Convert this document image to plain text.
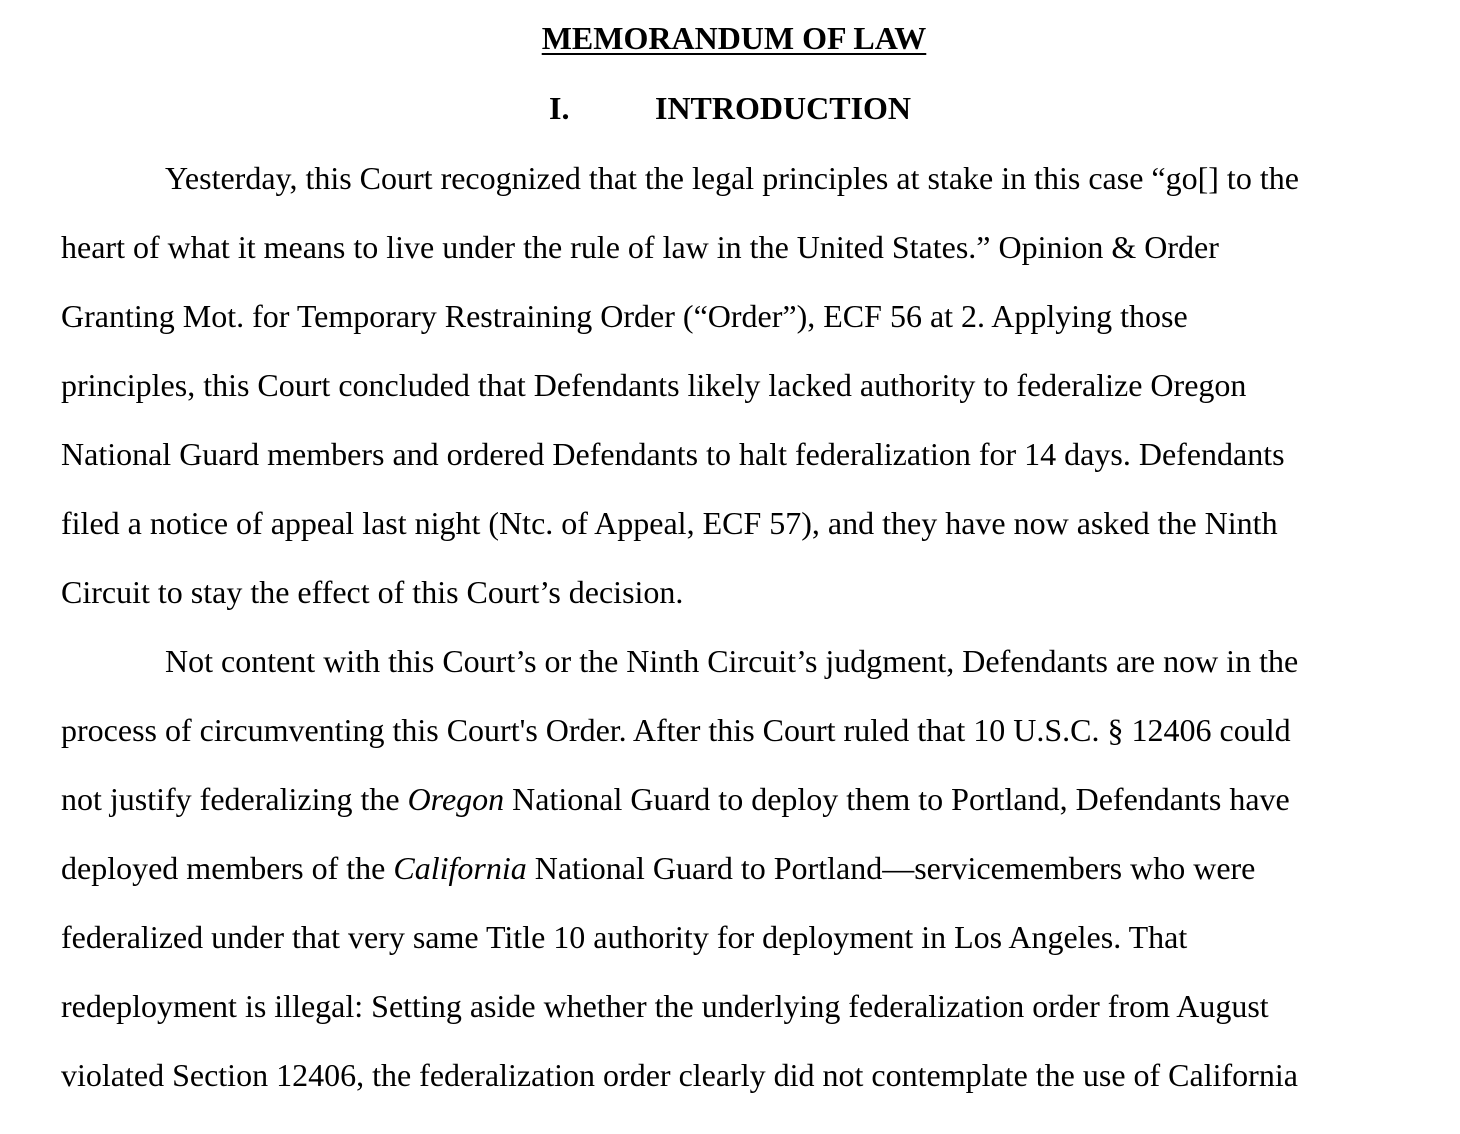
MEMORANDUM OF LAW
I.	INTRODUCTION

Yesterday, this Court recognized that the legal principles at stake in this case “go[] to the
heart of what it means to live under the rule of law in the United States.” Opinion & Order
Granting Mot. for Temporary Restraining Order (“Order”), ECF 56 at 2. Applying those
principles, this Court concluded that Defendants likely lacked authority to federalize Oregon
National Guard members and ordered Defendants to halt federalization for 14 days. Defendants
filed a notice of appeal last night (Ntc. of Appeal, ECF 57), and they have now asked the Ninth
Circuit to stay the effect of this Court’s decision.

Not content with this Court’s or the Ninth Circuit’s judgment, Defendants are now in the
process of circumventing this Court's Order. After this Court ruled that 10 U.S.C. § 12406 could
not justify federalizing the Oregon National Guard to deploy them to Portland, Defendants have
deployed members of the California National Guard to Portland—servicemembers who were
federalized under that very same Title 10 authority for deployment in Los Angeles. That
redeployment is illegal: Setting aside whether the underlying federalization order from August
violated Section 12406, the federalization order clearly did not contemplate the use of California
